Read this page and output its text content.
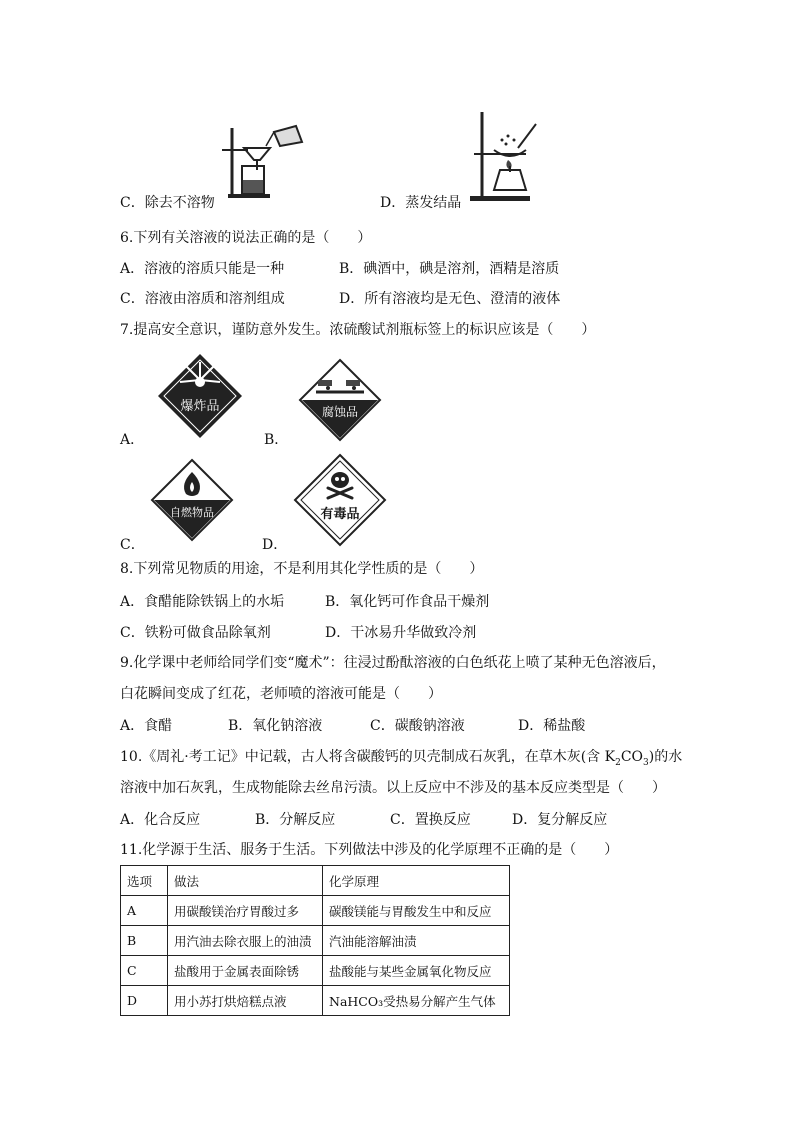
C．除去不溶物	D．蒸发结晶
6.下列有关溶液的说法正确的是（　　）
A．溶液的溶质只能是一种	B．碘酒中，碘是溶剂，酒精是溶质
C．溶液由溶质和溶剂组成	D．所有溶液均是无色、澄清的液体
7.提高安全意识，谨防意外发生。浓硫酸试剂瓶标签上的标识应该是（　　）
爆炸品
A．
腐蚀品
B．
自燃物品
C．
有毒品
D．
8.下列常见物质的用途，不是利用其化学性质的是（　　）
A．食醋能除铁锅上的水垢	B．氧化钙可作食品干燥剂
C．铁粉可做食品除氧剂	D．干冰易升华做致冷剂
9.化学课中老师给同学们变“魔术”：往浸过酚酞溶液的白色纸花上喷了某种无色溶液后，
白花瞬间变成了红花，老师喷的溶液可能是（　　）
A．食醋	B．氧化钠溶液	C．碳酸钠溶液	D．稀盐酸
10.《周礼·考工记》中记载，古人将含碳酸钙的贝壳制成石灰乳，在草木灰(含 $K_2CO_3$)的水
溶液中加石灰乳，生成物能除去丝帛污渍。以上反应中不涉及的基本反应类型是（　　）
A．化合反应	B．分解反应	C．置换反应	D．复分解反应
11.化学源于生活、服务于生活。下列做法中涉及的化学原理不正确的是（　　）
选项	做法	化学原理
A	用碳酸镁治疗胃酸过多	碳酸镁能与胃酸发生中和反应
B	用汽油去除衣服上的油渍	汽油能溶解油渍
C	盐酸用于金属表面除锈	盐酸能与某些金属氧化物反应
D	用小苏打烘焙糕点液	NaHCO₃受热易分解产生气体
